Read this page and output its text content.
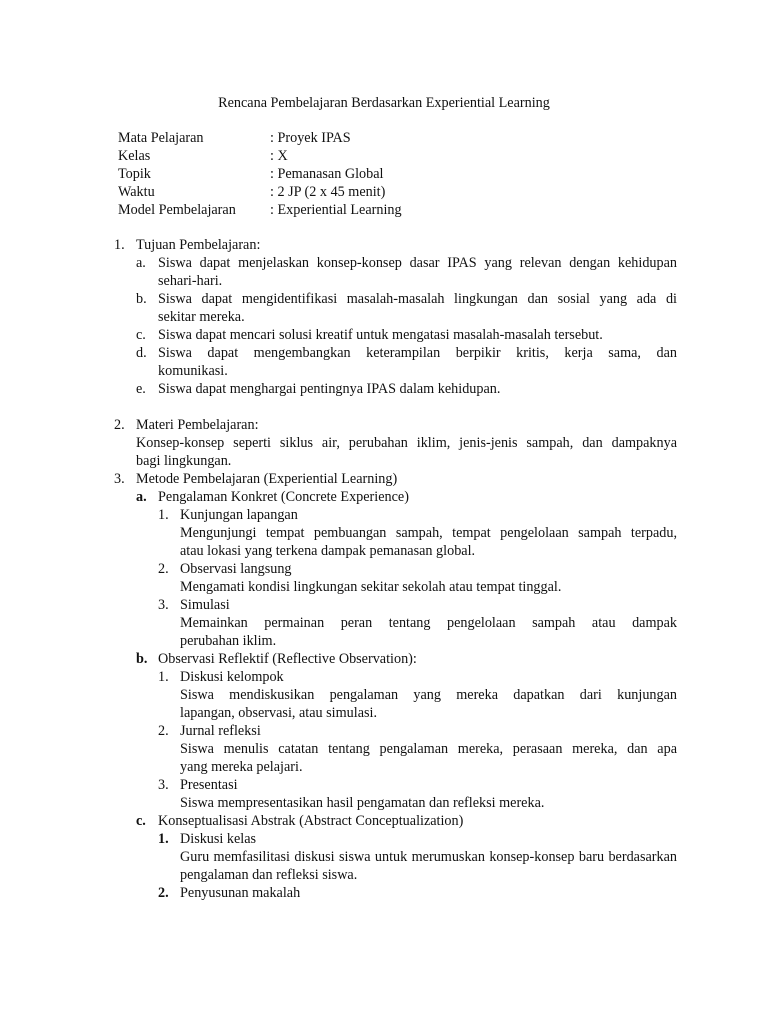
Rencana Pembelajaran Berdasarkan Experiential Learning
Mata Pelajaran	: Proyek IPAS
Kelas	: X
Topik	: Pemanasan Global
Waktu	: 2 JP (2 x 45 menit)
Model Pembelajaran : Experiential Learning
1. Tujuan Pembelajaran:
a. Siswa dapat menjelaskan konsep-konsep dasar IPAS yang relevan dengan kehidupan
sehari-hari.
b. Siswa dapat mengidentifikasi masalah-masalah lingkungan dan sosial yang ada di
sekitar mereka.
c. Siswa dapat mencari solusi kreatif untuk mengatasi masalah-masalah tersebut.
d. Siswa dapat mengembangkan keterampilan berpikir kritis, kerja sama, dan
komunikasi.
e. Siswa dapat menghargai pentingnya IPAS dalam kehidupan.
2. Materi Pembelajaran:
Konsep-konsep seperti siklus air, perubahan iklim, jenis-jenis sampah, dan dampaknya
bagi lingkungan.
3. Metode Pembelajaran (Experiential Learning)
a. Pengalaman Konkret (Concrete Experience)
1. Kunjungan lapangan
Mengunjungi tempat pembuangan sampah, tempat pengelolaan sampah terpadu,
atau lokasi yang terkena dampak pemanasan global.
2. Observasi langsung
Mengamati kondisi lingkungan sekitar sekolah atau tempat tinggal.
3. Simulasi
Memainkan permainan peran tentang pengelolaan sampah atau dampak
perubahan iklim.
b. Observasi Reflektif (Reflective Observation):
1. Diskusi kelompok
Siswa mendiskusikan pengalaman yang mereka dapatkan dari kunjungan
lapangan, observasi, atau simulasi.
2. Jurnal refleksi
Siswa menulis catatan tentang pengalaman mereka, perasaan mereka, dan apa
yang mereka pelajari.
3. Presentasi
Siswa mempresentasikan hasil pengamatan dan refleksi mereka.
c. Konseptualisasi Abstrak (Abstract Conceptualization)
1. Diskusi kelas
Guru memfasilitasi diskusi siswa untuk merumuskan konsep-konsep baru berdasarkan
pengalaman dan refleksi siswa.
2. Penyusunan makalah
